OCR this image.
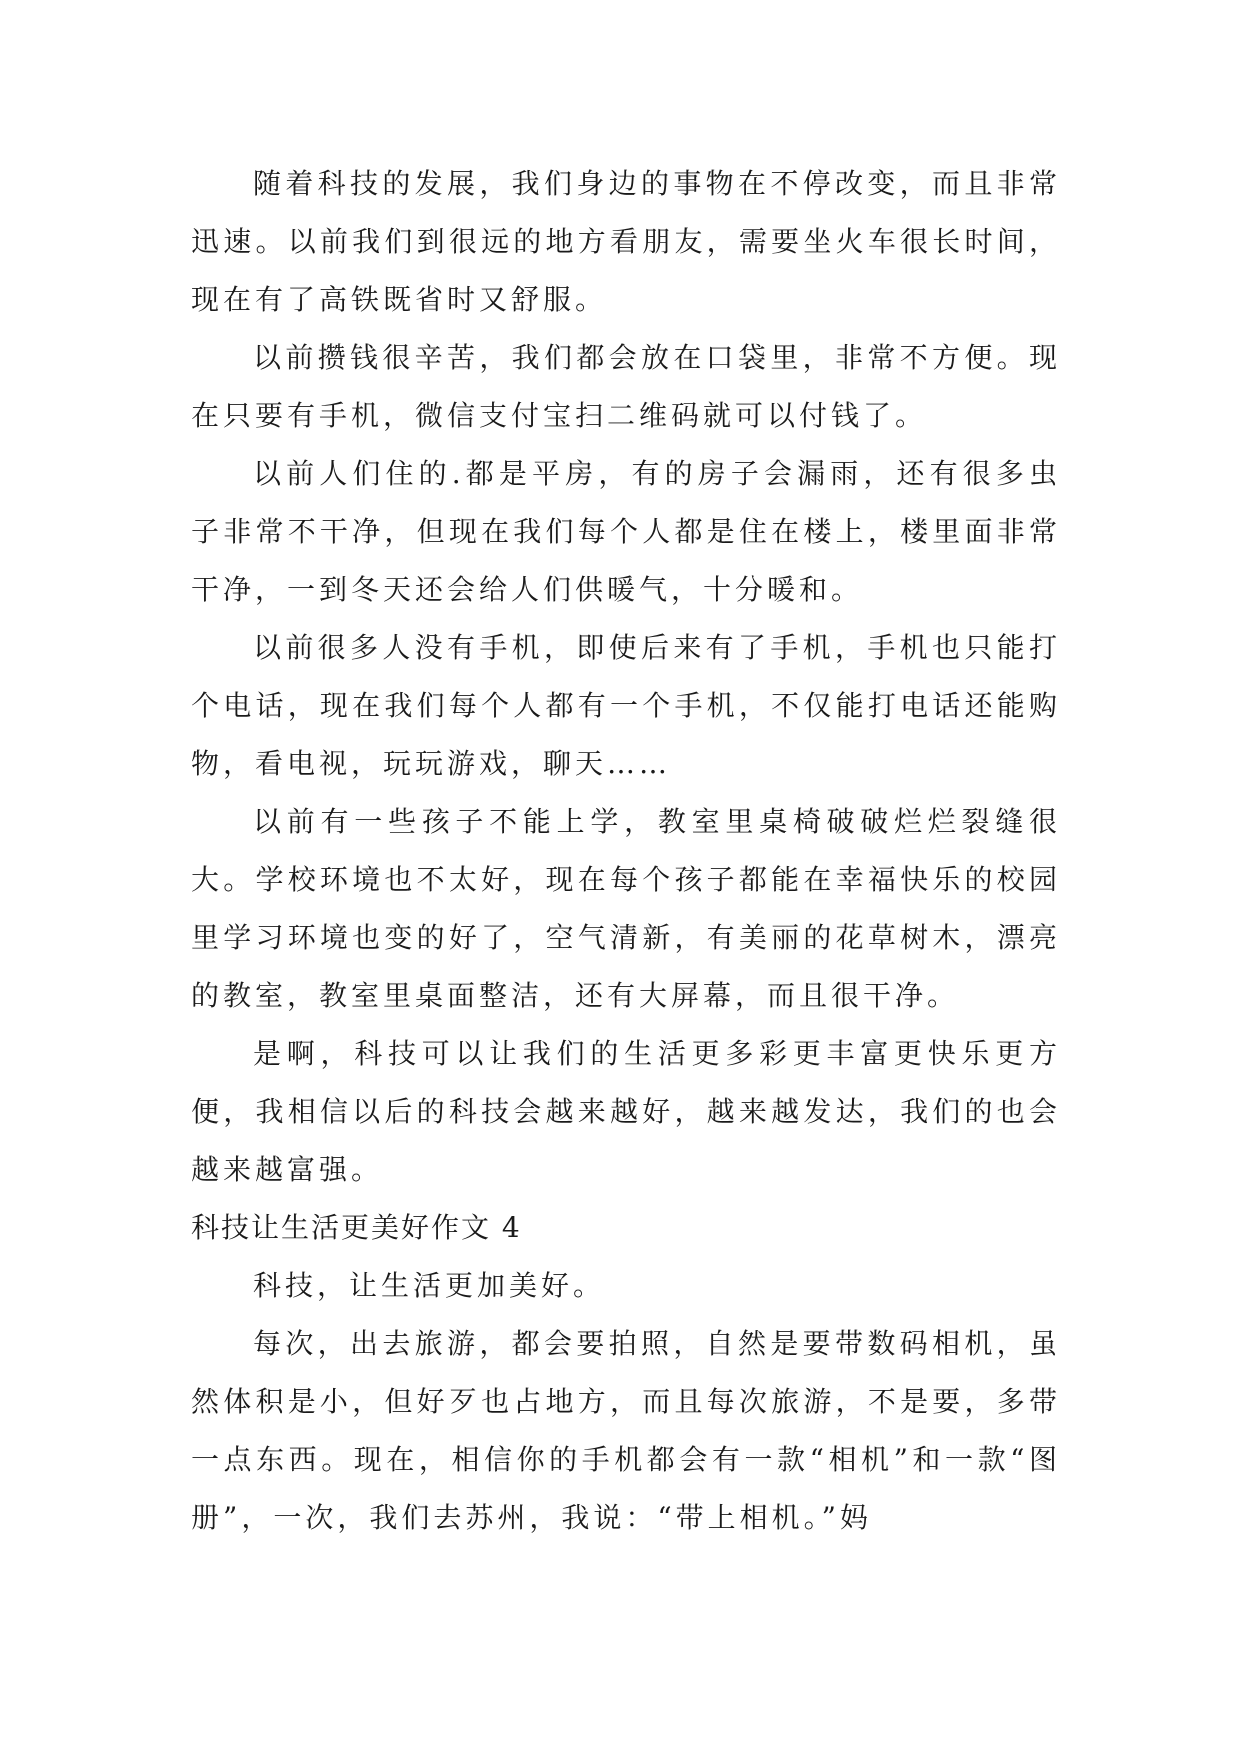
随着科技的发展，我们身边的事物在不停改变，而且非常迅速。以前我们到很远的地方看朋友，需要坐火车很长时间，现在有了高铁既省时又舒服。

以前攒钱很辛苦，我们都会放在口袋里，非常不方便。现在只要有手机，微信支付宝扫二维码就可以付钱了。

以前人们住的.都是平房，有的房子会漏雨，还有很多虫子非常不干净，但现在我们每个人都是住在楼上，楼里面非常干净，一到冬天还会给人们供暖气，十分暖和。

以前很多人没有手机，即使后来有了手机，手机也只能打个电话，现在我们每个人都有一个手机，不仅能打电话还能购物，看电视，玩玩游戏，聊天……

以前有一些孩子不能上学，教室里桌椅破破烂烂裂缝很大。学校环境也不太好，现在每个孩子都能在幸福快乐的校园里学习环境也变的好了，空气清新，有美丽的花草树木，漂亮的教室，教室里桌面整洁，还有大屏幕，而且很干净。

是啊，科技可以让我们的生活更多彩更丰富更快乐更方便，我相信以后的科技会越来越好，越来越发达，我们的也会越来越富强。

科技让生活更美好作文 4

科技，让生活更加美好。

每次，出去旅游，都会要拍照，自然是要带数码相机，虽然体积是小，但好歹也占地方，而且每次旅游，不是要，多带一点东西。现在，相信你的手机都会有一款“相机”和一款“图册”，一次，我们去苏州，我说：“带上相机。”妈
